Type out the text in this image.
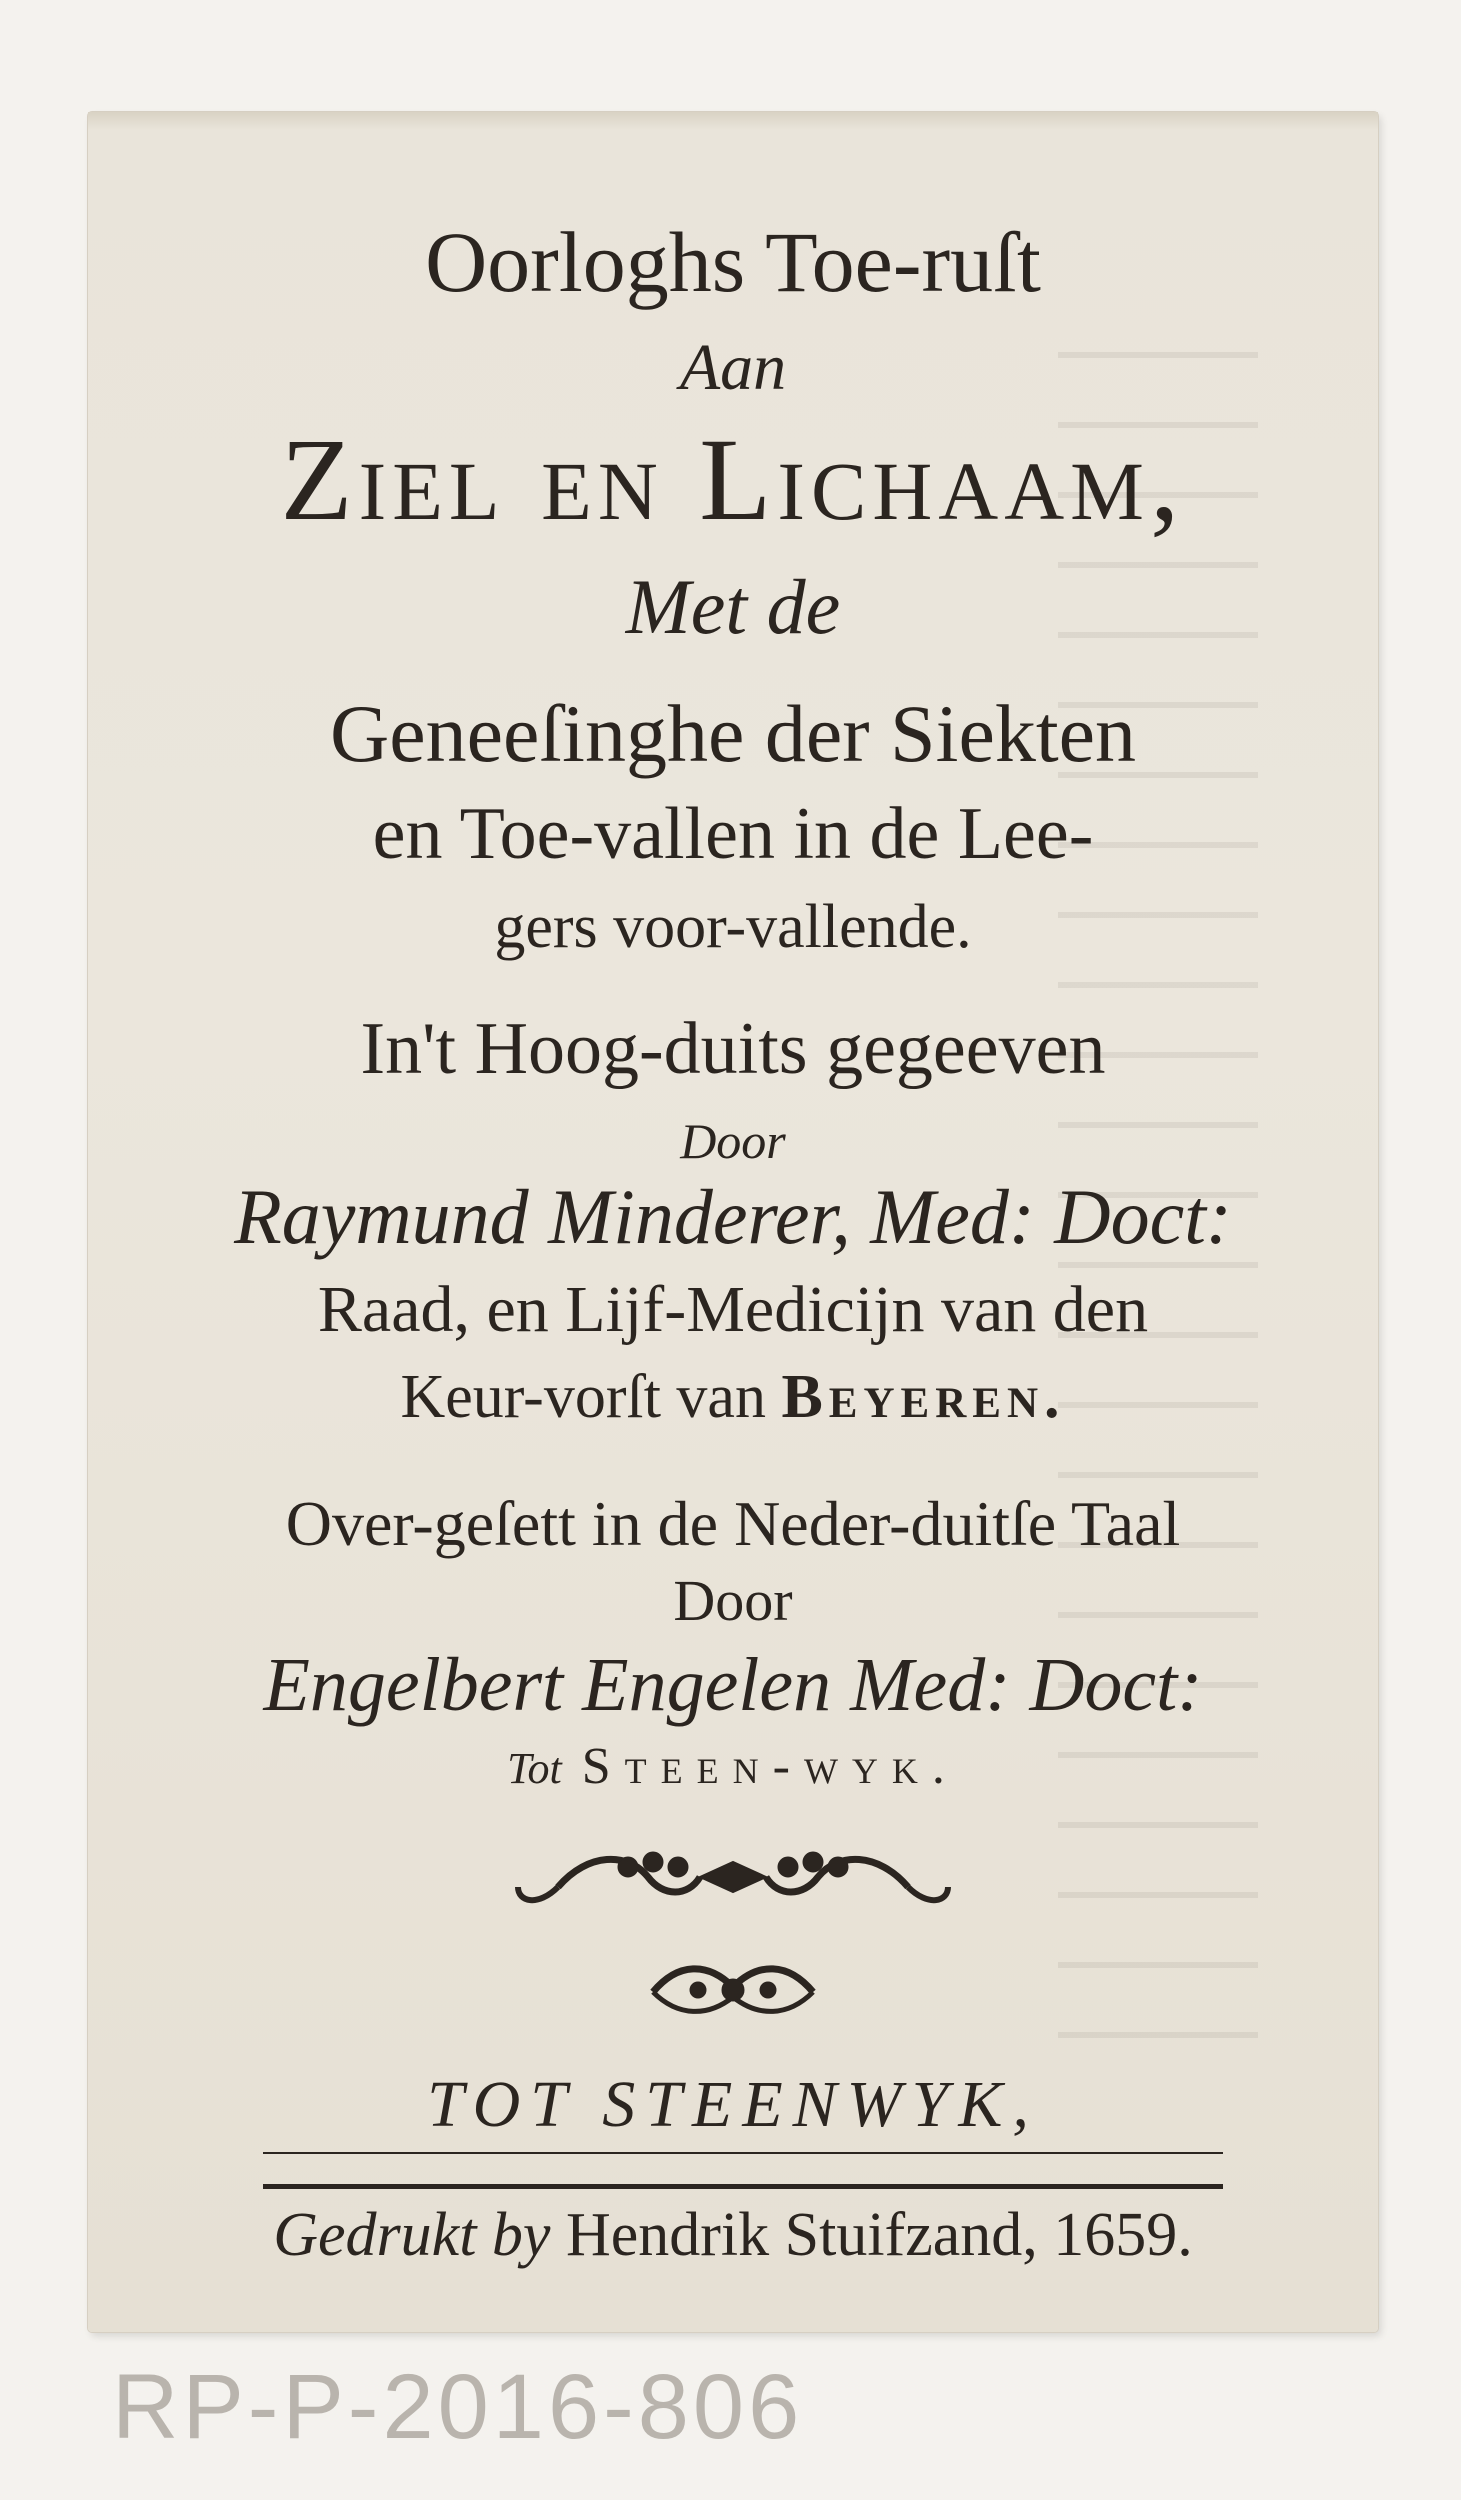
Oorloghs Toe-ruſt
Aan
Ziel en Lichaam,
Met de
Geneeſinghe der Siekten
en Toe-vallen in de Lee-
gers voor-vallende.
In't Hoog-duits gegeeven
Door
Raymund Minderer, Med: Doct:
Raad, en Lijf-Medicijn van den
Keur-vorſt van Beyeren.
Over-geſett in de Neder-duitſe Taal
Door
Engelbert Engelen Med: Doct:
Tot Steen-wyk.
TOT STEENWYK,
Gedrukt by Hendrik Stuifzand, 1659.
RP-P-2016-806
